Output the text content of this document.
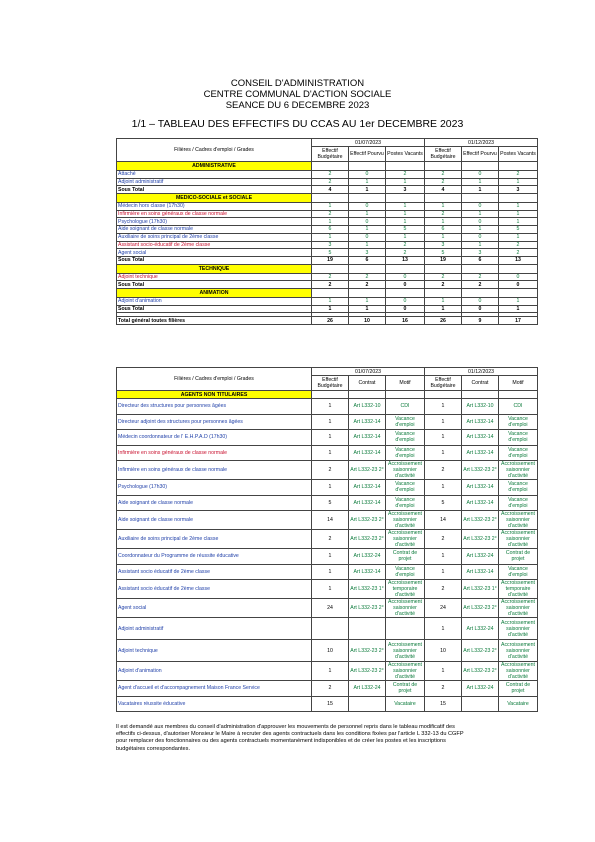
CONSEIL D'ADMINISTRATION
CENTRE COMMUNAL D'ACTION SOCIALE
SEANCE DU 6 DECEMBRE 2023
1/1 – TABLEAU DES EFFECTIFS DU CCAS AU 1er DECEMBRE 2023
Filières / Cadres d'emploi / Grades	01/07/2023			01/12/2023		
	Effectif Budgétaire	Effectif Pourvu	Postes Vacants	Effectif Budgétaire	Effectif Pourvu	Postes Vacants
ADMINISTRATIVE						
Attaché	2	0	2	2	0	2
Adjoint administratif	2	1	1	2	1	1
Sous Total	4	1	3	4	1	3
MEDICO-SOCIALE et SOCIALE						
Médecin hors classe (17h30)	1	0	1	1	0	1
Infirmière en soins généraux de classe normale	2	1	1	2	1	1
Psychologue (17h30)	1	0	1	1	0	1
Aide soignant de classe normale	6	1	5	6	1	5
Auxiliaire de soins principal de 2ème classe	1	0	1	1	0	1
Assistant socio-éducatif de 2ème classe	3	1	2	3	1	2
Agent social	5	3	2	5	3	2
Sous Total	19	6	13	19	6	13
TECHNIQUE						
Adjoint technique	2	2	0	2	2	0
Sous Total	2	2	0	2	2	0
ANIMATION						
Adjoint d'animation	1	1	0	1	0	1
Sous Total	1	1	0	1	0	1

Total général toutes filières	26	10	16	26	9	17
Filières / Cadres d'emploi / Grades	01/07/2023			01/12/2023		
	Effectif Budgétaire	Contrat	Motif	Effectif Budgétaire	Contrat	Motif
AGENTS NON TITULAIRES						
Directeur des structures pour personnes âgées	1	Art L332-10	CDI	1	Art L332-10	CDI
Directeur adjoint des structures pour personnes âgées	1	Art L332-14	Vacance d'emploi	1	Art L332-14	Vacance d'emploi
Médecin coordonnateur de l' E.H.P.A.D (17h30)	1	Art L332-14	Vacance d'emploi	1	Art L332-14	Vacance d'emploi
Infirmière en soins généraux de classe normale	1	Art L332-14	Vacance d'emploi	1	Art L332-14	Vacance d'emploi
Infirmière en soins généraux de classe normale	2	Art L332-23 2°	Accroissement saisonnier d'activité	2	Art L332-23 2°	Accroissement saisonnier d'activité
Psychologue (17h30)	1	Art L332-14	Vacance d'emploi	1	Art L332-14	Vacance d'emploi
Aide soignant de classe normale	5	Art L332-14	Vacance d'emploi	5	Art L332-14	Vacance d'emploi
Aide soignant de classe normale	14	Art L332-23 2°	Accroissement saisonnier d'activité	14	Art L332-23 2°	Accroissement saisonnier d'activité
Auxiliaire de soins principal de 2ème classe	2	Art L332-23 2°	Accroissement saisonnier d'activité	2	Art L332-23 2°	Accroissement saisonnier d'activité
Coordonnateur du Programme de réussite éducative	1	Art L332-24	Contrat de projet	1	Art L332-24	Contrat de projet
Assistant socio éducatif de 2ème classe	1	Art L332-14	Vacance d'emploi	1	Art L332-14	Vacance d'emploi
Assistant socio éducatif de 2ème classe	1	Art L332-23 1°	Accroissement temporaire d'activité	2	Art L332-23 1°	Accroissement temporaire d'activité
Agent social	24	Art L332-23 2°	Accroissement saisonnier d'activité	24	Art L332-23 2°	Accroissement saisonnier d'activité
Adjoint administratif				1	Art L332-24	Accroissement saisonnier d'activité
Adjoint technique	10	Art L332-23 2°	Accroissement saisonnier d'activité	10	Art L332-23 2°	Accroissement saisonnier d'activité
Adjoint d'animation	1	Art L332-23 2°	Accroissement saisonnier d'activité	1	Art L332-23 2°	Accroissement saisonnier d'activité
Agent d'accueil et d'accompagnement Maison France Service	2	Art L332-24	Contrat de projet	2	Art L332-24	Contrat de projet
Vacataires réussite éducative	15		Vacataire	15		Vacataire
Il est demandé aux membres du conseil d'administration d'approuver les mouvements de personnel repris dans le tableau modificatif des
effectifs ci-dessus, d'autoriser Monsieur le Maire à recruter des agents contractuels dans les conditions fixées par l'article L 332-13 du CGFP
pour remplacer des fonctionnaires ou des agents contractuels momentanément indisponibles et de créer les postes et les inscriptions
budgétaires correspondantes.
